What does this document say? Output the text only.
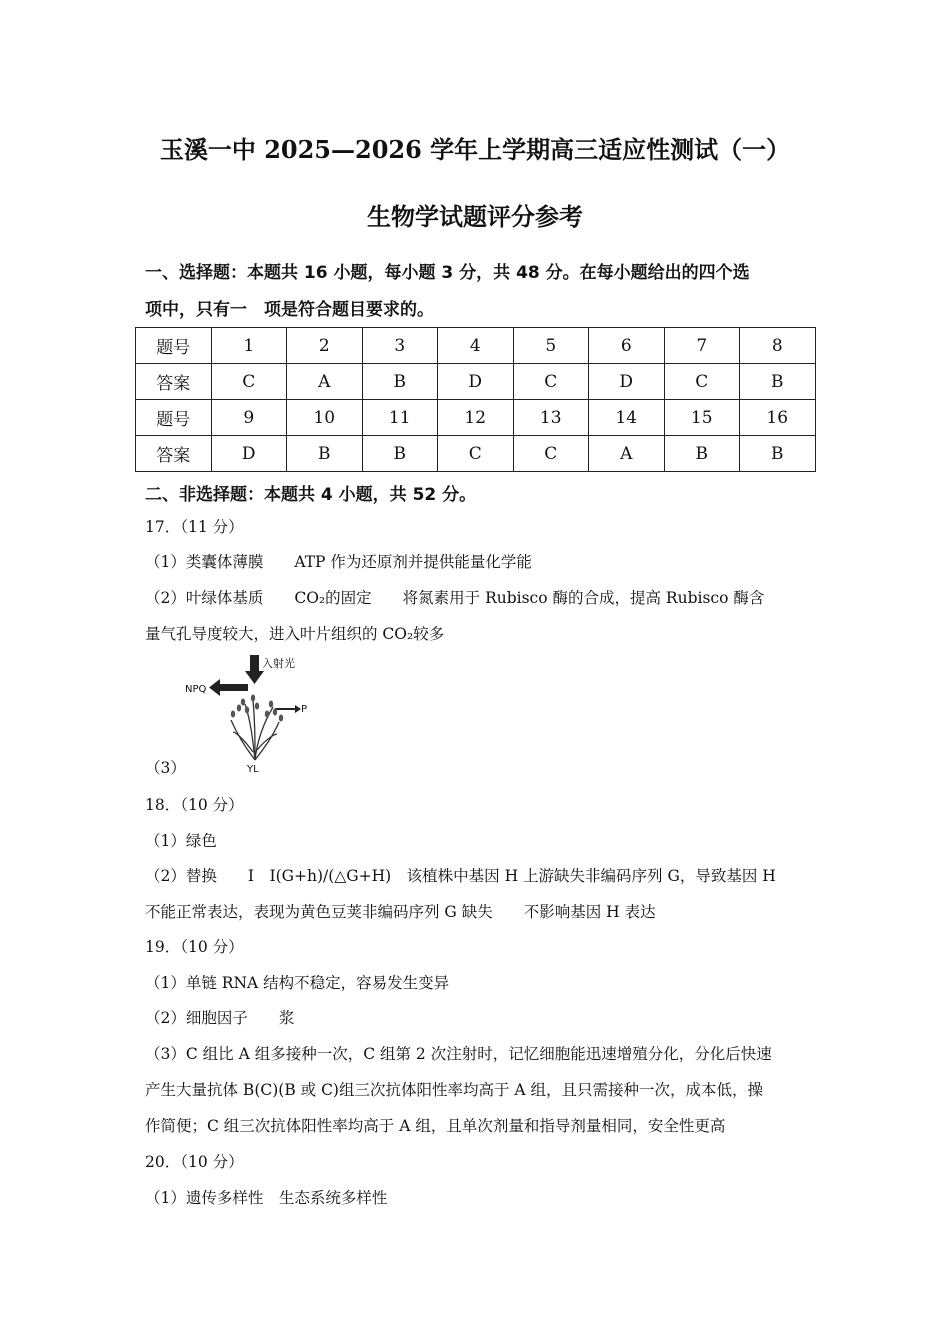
玉溪一中 2025—2026 学年上学期高三适应性测试（一）
生物学试题评分参考
一、选择题：本题共 16 小题，每小题 3 分，共 48 分。在每小题给出的四个选
项中，只有一　项是符合题目要求的。
题号	1	2	3	4	5	6	7	8
答案	C	A	B	D	C	D	C	B
题号	9	10	11	12	13	14	15	16
答案	D	B	B	C	C	A	B	B
二、非选择题：本题共 4 小题，共 52 分。
17．（11 分）
（1）类囊体薄膜　　ATP 作为还原剂并提供能量化学能
（2）叶绿体基质　　CO₂的固定　　将氮素用于 Rubisco 酶的合成，提高 Rubisco 酶含
量气孔导度较大，进入叶片组织的 CO₂较多
（3）
入射光
NPQ
P
YL
18．（10 分）
（1）绿色
（2）替换　　Ⅰ　I(G+h)/(△G+H)　该植株中基因 H 上游缺失非编码序列 G，导致基因 H
不能正常表达，表现为黄色豆荚非编码序列 G 缺失　　不影响基因 H 表达
19．（10 分）
（1）单链 RNA 结构不稳定，容易发生变异
（2）细胞因子　　浆
（3）C 组比 A 组多接种一次，C 组第 2 次注射时，记忆细胞能迅速增殖分化，分化后快速
产生大量抗体 B(C)(B 或 C)组三次抗体阳性率均高于 A 组，且只需接种一次，成本低，操
作简便；C 组三次抗体阳性率均高于 A 组，且单次剂量和指导剂量相同，安全性更高
20．（10 分）
（1）遗传多样性　生态系统多样性
